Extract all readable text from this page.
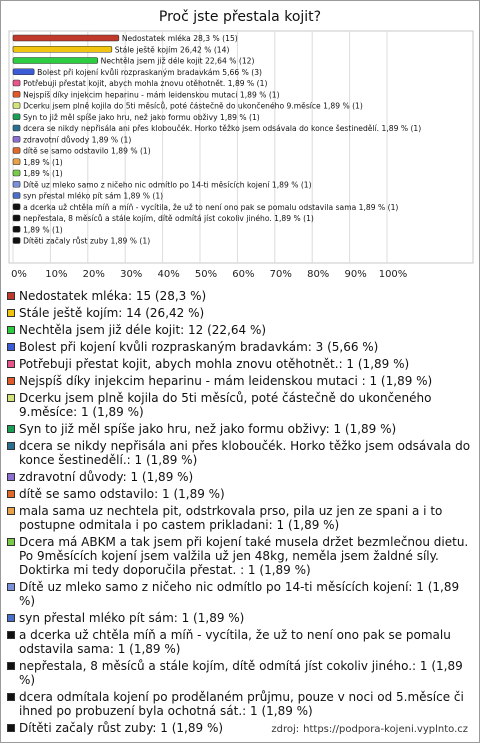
Proč jste přestala kojit?
Nedostatek mléka 28,3 % (15)
Stále ještě kojím 26,42 % (14)
Nechtěla jsem již déle kojit 22,64 % (12)
Bolest při kojení kvůli rozpraskaným bradavkám 5,66 % (3)
Potřebuji přestat kojit, abych mohla znovu otěhotnět. 1,89 % (1)
Nejspíš díky injekcim heparinu - mám leidenskou mutaci 1,89 % (1)
Dcerku jsem plně kojila do 5ti měsíců, poté částečně do ukončeného 9.měsíce 1,89 % (1)
Syn to již měl spíše jako hru, než jako formu obživy 1,89 % (1)
dcera se nikdy nepřisála ani přes kloboučék. Horko těžko jsem odsávala do konce šestinedělí. 1,89 % (1)
zdravotní důvody 1,89 % (1)
dítě se samo odstavilo 1,89 % (1)
1,89 % (1)
1,89 % (1)
Dítě uz mleko samo z ničeho nic odmítlo po 14-ti měsících kojení 1,89 % (1)
syn přestal mléko pít sám 1,89 % (1)
a dcerka už chtěla míň a míň - vycítila, že už to není ono pak se pomalu odstavila sama 1,89 % (1)
nepřestala, 8 měsíců a stále kojím, dítě odmítá jíst cokoliv jiného. 1,89 % (1)
1,89 % (1)
Dítěti začaly růst zuby 1,89 % (1)
0% 10% 20% 30% 40% 50% 60% 70% 80% 90% 100%
Nedostatek mléka: 15 (28,3 %)
Stále ještě kojím: 14 (26,42 %)
Nechtěla jsem již déle kojit: 12 (22,64 %)
Bolest při kojení kvůli rozpraskaným bradavkám: 3 (5,66 %)
Potřebuji přestat kojit, abych mohla znovu otěhotnět.: 1 (1,89 %)
Nejspíš díky injekcim heparinu - mám leidenskou mutaci : 1 (1,89 %)
Dcerku jsem plně kojila do 5ti měsíců, poté částečně do ukončeného 9.měsíce: 1 (1,89 %)
Syn to již měl spíše jako hru, než jako formu obživy: 1 (1,89 %)
dcera se nikdy nepřisála ani přes kloboučék. Horko těžko jsem odsávala do konce šestinedělí.: 1 (1,89 %)
zdravotní důvody: 1 (1,89 %)
dítě se samo odstavilo: 1 (1,89 %)
mala sama uz nechtela pit, odstrkovala prso, pila uz jen ze spani a i to postupne odmitala i po castem prikladani: 1 (1,89 %)
Dcera má ABKM a tak jsem při kojení také musela držet bezmlečnou dietu. Po 9měsících kojení jsem valžila už jen 48kg, neměla jsem žaldné síly. Doktirka mi tedy doporučila přestat. : 1 (1,89 %)
Dítě uz mleko samo z ničeho nic odmítlo po 14-ti měsících kojení: 1 (1,89 %)
syn přestal mléko pít sám: 1 (1,89 %)
a dcerka už chtěla míň a míň - vycítila, že už to není ono pak se pomalu odstavila sama: 1 (1,89 %)
nepřestala, 8 měsíců a stále kojím, dítě odmítá jíst cokoliv jiného.: 1 (1,89 %)
dcera odmítala kojení po prodělaném průjmu, pouze v noci od 5.měsíce či ihned po probuzení byla ochotná sát.: 1 (1,89 %)
Dítěti začaly růst zuby: 1 (1,89 %)	zdroj: https://podpora-kojeni.vyplnto.cz
